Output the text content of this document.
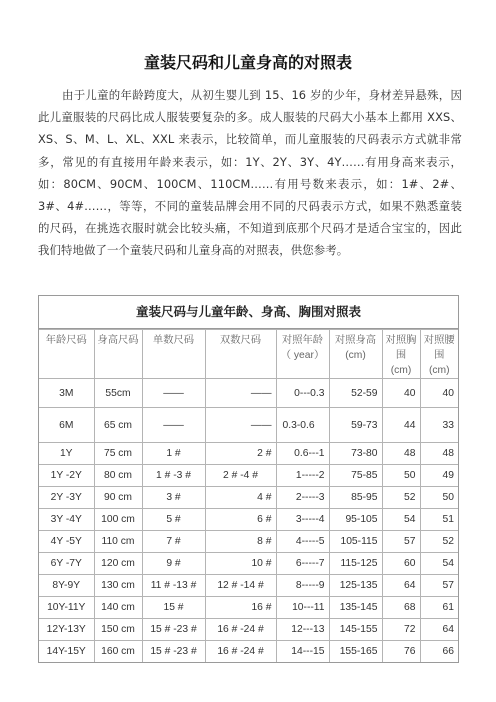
童装尺码和儿童身高的对照表
由于儿童的年龄跨度大，从初生婴儿到 15、16 岁的少年，身材差异悬殊，因此儿童服装的尺码比成人服装要复杂的多。成人服装的尺码大小基本上都用 XXS、XS、S、M、L、XL、XXL 来表示，比较简单，而儿童服装的尺码表示方式就非常多，常见的有直接用年龄来表示，如：1Y、2Y、3Y、4Y……有用身高来表示，如：80CM、90CM、100CM、110CM……有用号数来表示，如：1#、2#、3#、4#……，等等，不同的童装品牌会用不同的尺码表示方式，如果不熟悉童装的尺码，在挑选衣服时就会比较头痛，不知道到底那个尺码才是适合宝宝的，因此我们特地做了一个童装尺码和儿童身高的对照表，供您参考。
童装尺码与儿童年龄、身高、胸围对照表
年龄尺码	身高尺码	单数尺码	双数尺码	对照年龄（ year）	对照身高 (cm)	对照胸围 (cm)	对照腰围 (cm)
3M	55cm	——	——	0---0.3	52-59	40	40
6M	65 cm	——	——	0.3-0.6	59-73	44	33
1Y	75 cm	1 #	2 #	0.6---1	73-80	48	48
1Y -2Y	80 cm	1 # -3 #	2 # -4 #	1-----2	75-85	50	49
2Y -3Y	90 cm	3 #	4 #	2-----3	85-95	52	50
3Y -4Y	100 cm	5 #	6 #	3-----4	95-105	54	51
4Y -5Y	110 cm	7 #	8 #	4-----5	105-115	57	52
6Y -7Y	120 cm	9 #	10 #	6-----7	115-125	60	54
8Y-9Y	130 cm	11 # -13 #	12 # -14 #	8-----9	125-135	64	57
10Y-11Y	140 cm	15 #	16 #	10---11	135-145	68	61
12Y-13Y	150 cm	15 # -23 #	16 # -24 #	12---13	145-155	72	64
14Y-15Y	160 cm	15 # -23 #	16 # -24 #	14---15	155-165	76	66
